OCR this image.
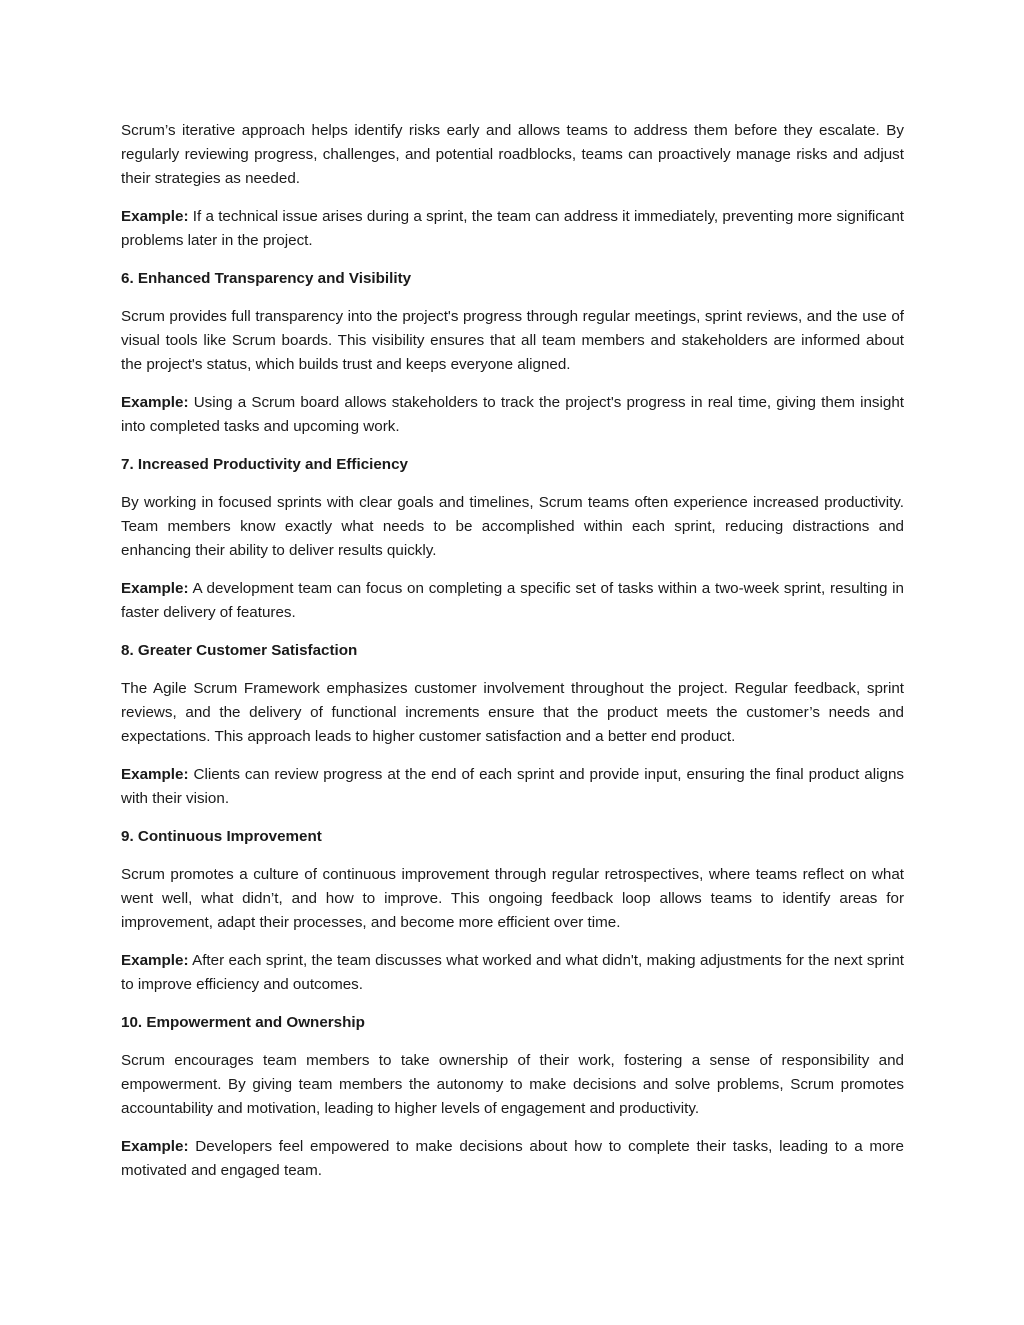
Scrum’s iterative approach helps identify risks early and allows teams to address them before they escalate. By regularly reviewing progress, challenges, and potential roadblocks, teams can proactively manage risks and adjust their strategies as needed.

Example: If a technical issue arises during a sprint, the team can address it immediately, preventing more significant problems later in the project.

6. Enhanced Transparency and Visibility

Scrum provides full transparency into the project's progress through regular meetings, sprint reviews, and the use of visual tools like Scrum boards. This visibility ensures that all team members and stakeholders are informed about the project's status, which builds trust and keeps everyone aligned.

Example: Using a Scrum board allows stakeholders to track the project's progress in real time, giving them insight into completed tasks and upcoming work.

7. Increased Productivity and Efficiency

By working in focused sprints with clear goals and timelines, Scrum teams often experience increased productivity. Team members know exactly what needs to be accomplished within each sprint, reducing distractions and enhancing their ability to deliver results quickly.

Example: A development team can focus on completing a specific set of tasks within a two-week sprint, resulting in faster delivery of features.

8. Greater Customer Satisfaction

The Agile Scrum Framework emphasizes customer involvement throughout the project. Regular feedback, sprint reviews, and the delivery of functional increments ensure that the product meets the customer’s needs and expectations. This approach leads to higher customer satisfaction and a better end product.

Example: Clients can review progress at the end of each sprint and provide input, ensuring the final product aligns with their vision.

9. Continuous Improvement

Scrum promotes a culture of continuous improvement through regular retrospectives, where teams reflect on what went well, what didn’t, and how to improve. This ongoing feedback loop allows teams to identify areas for improvement, adapt their processes, and become more efficient over time.

Example: After each sprint, the team discusses what worked and what didn't, making adjustments for the next sprint to improve efficiency and outcomes.

10. Empowerment and Ownership

Scrum encourages team members to take ownership of their work, fostering a sense of responsibility and empowerment. By giving team members the autonomy to make decisions and solve problems, Scrum promotes accountability and motivation, leading to higher levels of engagement and productivity.

Example: Developers feel empowered to make decisions about how to complete their tasks, leading to a more motivated and engaged team.
